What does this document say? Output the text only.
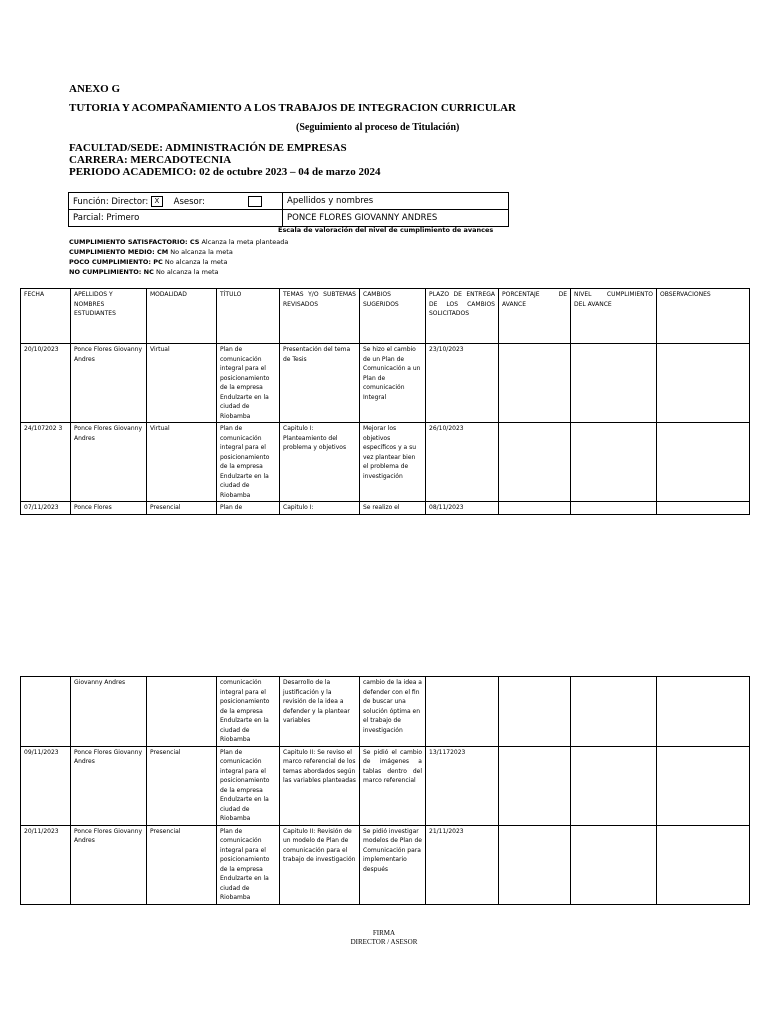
ANEXO G
TUTORIA Y ACOMPAÑAMIENTO A LOS TRABAJOS DE INTEGRACION CURRICULAR
(Seguimiento al proceso de Titulación)
FACULTAD/SEDE: ADMINISTRACIÓN DE EMPRESAS
CARRERA: MERCADOTECNIA
PERIODO ACADEMICO: 02 de octubre 2023 – 04 de marzo 2024
Función: Director: X Asesor:	Apellidos y nombres
Parcial: Primero	PONCE FLORES GIOVANNY ANDRES
Escala de valoración del nivel de cumplimiento de avances
CUMPLIMIENTO SATISFACTORIO: CS Alcanza la meta planteada
CUMPLIMIENTO MEDIO: CM No alcanza la meta
POCO CUMPLIMIENTO: PC No alcanza la meta
NO CUMPLIMIENTO: NC No alcanza la meta
FECHA	APELLIDOS Y NOMBRES ESTUDIANTES	MODALIDAD	TÍTULO	TEMAS Y/O SUBTEMAS REVISADOS	CAMBIOS SUGERIDOS	PLAZO DE ENTREGA DE LOS CAMBIOS SOLICITADOS	PORCENTAJE DE AVANCE	NIVEL CUMPLIMIENTO DEL AVANCE	OBSERVACIONES
20/10/2023	Ponce Flores Giovanny Andres	Virtual	Plan de comunicación integral para el posicionamiento de la empresa Endulzarte en la ciudad de Riobamba	Presentación del tema de Tesis	Se hizo el cambio de un Plan de Comunicación a un Plan de comunicación Integral	23/10/2023			
24/107202 3	Ponce Flores Giovanny Andres	Virtual	Plan de comunicación integral para el posicionamiento de la empresa Endulzarte en la ciudad de Riobamba	Capitulo I: Planteamiento del problema y objetivos	Mejorar los objetivos específicos y a su vez plantear bien el problema de investigación	26/10/2023			
07/11/2023	Ponce Flores	Presencial	Plan de	Capitulo I:	Se realizo el	08/11/2023			
	Giovanny Andres		comunicación integral para el posicionamiento de la empresa Endulzarte en la ciudad de Riobamba	Desarrollo de la justificación y la revisión de la idea a defender y la plantear variables	cambio de la idea a defender con el fin de buscar una solución óptima en el trabajo de investigación				
09/11/2023	Ponce Flores Giovanny Andres	Presencial	Plan de comunicación integral para el posicionamiento de la empresa Endulzarte en la ciudad de Riobamba	Capitulo II: Se reviso el marco referencial de los temas abordados según las variables planteadas	Se pidió el cambio de imágenes a tablas dentro del marco referencial	13/1172023			
20/11/2023	Ponce Flores Giovanny Andres	Presencial	Plan de comunicación integral para el posicionamiento de la empresa Endulzarte en la ciudad de Riobamba	Capitulo II: Revisión de un modelo de Plan de comunicación para el trabajo de investigación	Se pidió investigar modelos de Plan de Comunicación para implementario después	21/11/2023			
FIRMA
DIRECTOR / ASESOR
